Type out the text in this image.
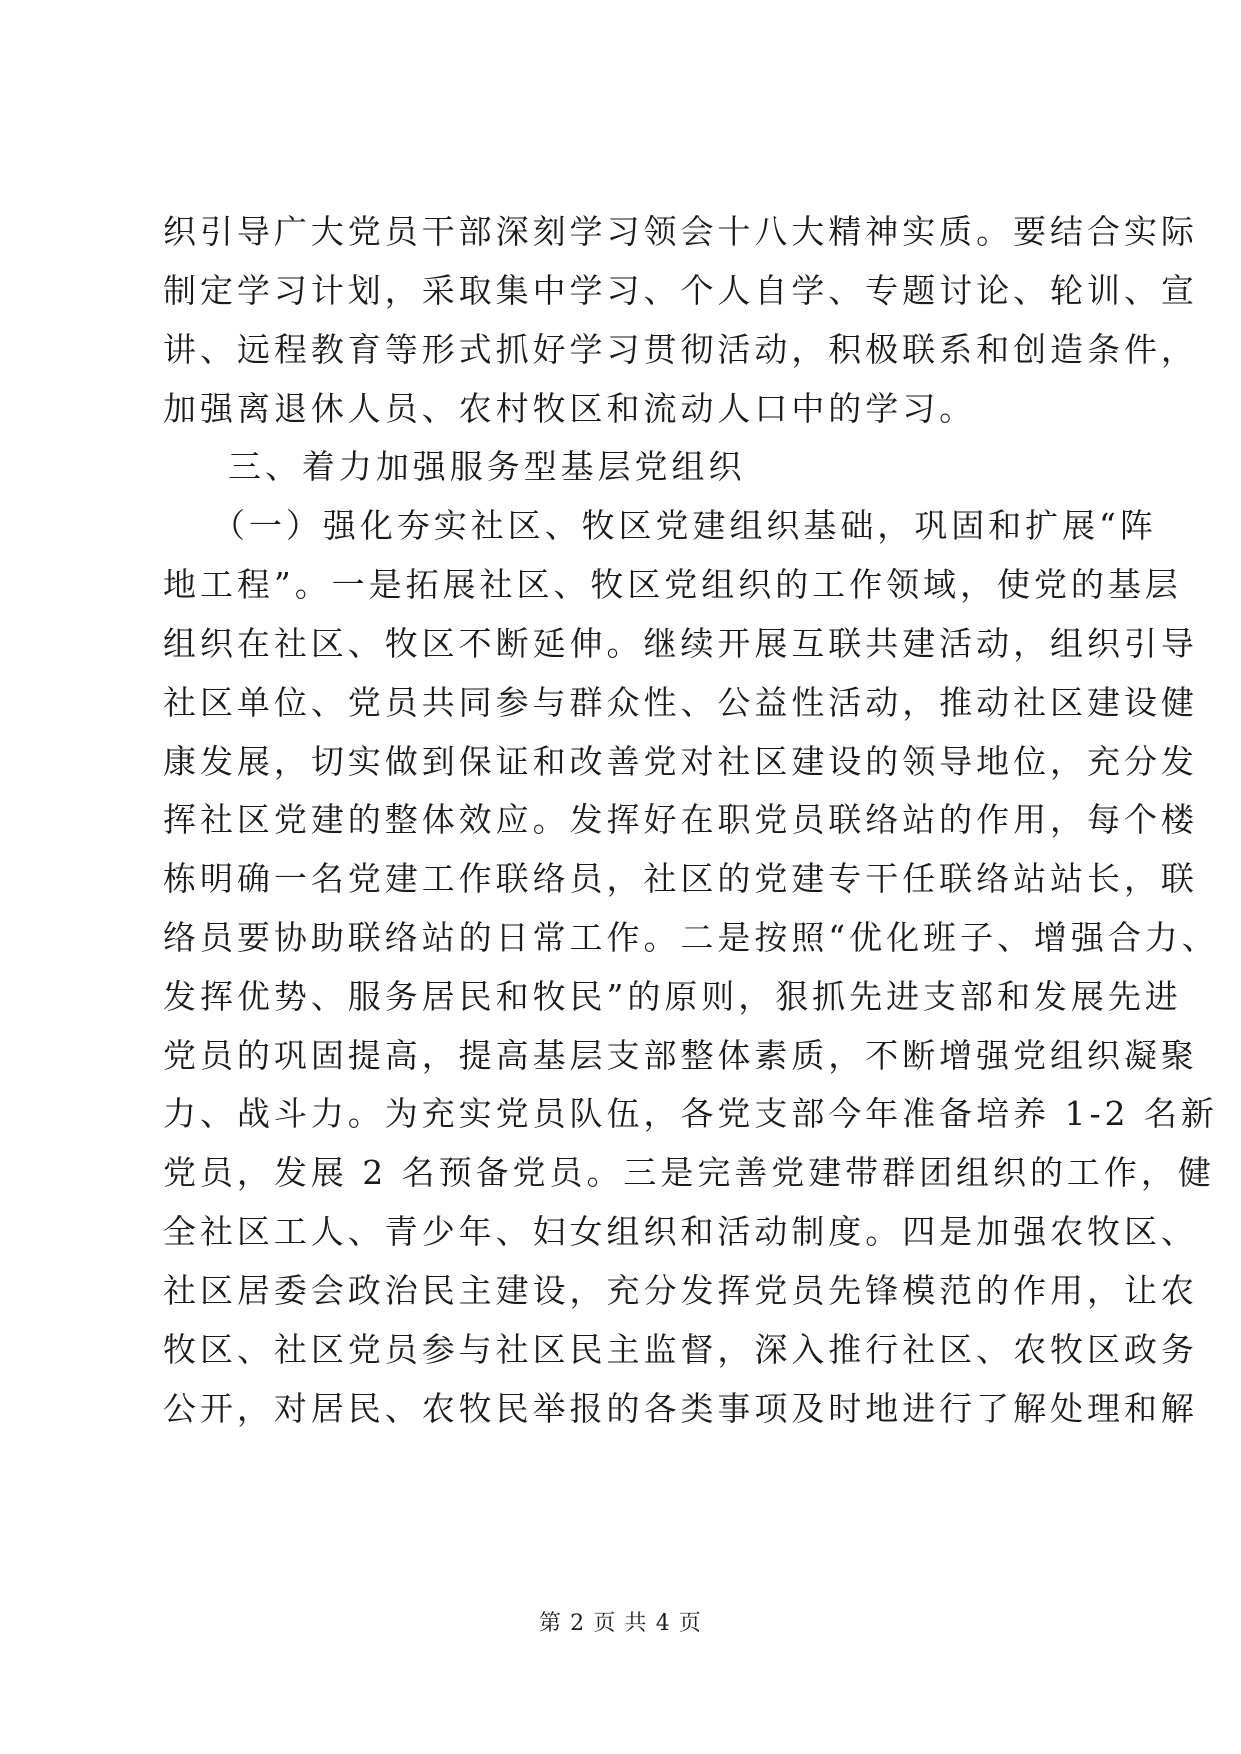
织引导广大党员干部深刻学习领会十八大精神实质。要结合实际
制定学习计划，采取集中学习、个人自学、专题讨论、轮训、宣
讲、远程教育等形式抓好学习贯彻活动，积极联系和创造条件，
加强离退休人员、农村牧区和流动人口中的学习。
三、着力加强服务型基层党组织
（一）强化夯实社区、牧区党建组织基础，巩固和扩展“阵
地工程”。一是拓展社区、牧区党组织的工作领域，使党的基层
组织在社区、牧区不断延伸。继续开展互联共建活动，组织引导
社区单位、党员共同参与群众性、公益性活动，推动社区建设健
康发展，切实做到保证和改善党对社区建设的领导地位，充分发
挥社区党建的整体效应。发挥好在职党员联络站的作用，每个楼
栋明确一名党建工作联络员，社区的党建专干任联络站站长，联
络员要协助联络站的日常工作。二是按照“优化班子、增强合力、
发挥优势、服务居民和牧民”的原则，狠抓先进支部和发展先进
党员的巩固提高，提高基层支部整体素质，不断增强党组织凝聚
力、战斗力。为充实党员队伍，各党支部今年准备培养 1-2 名新
党员，发展 2 名预备党员。三是完善党建带群团组织的工作，健
全社区工人、青少年、妇女组织和活动制度。四是加强农牧区、
社区居委会政治民主建设，充分发挥党员先锋模范的作用，让农
牧区、社区党员参与社区民主监督，深入推行社区、农牧区政务
公开，对居民、农牧民举报的各类事项及时地进行了解处理和解
第 2 页 共 4 页
